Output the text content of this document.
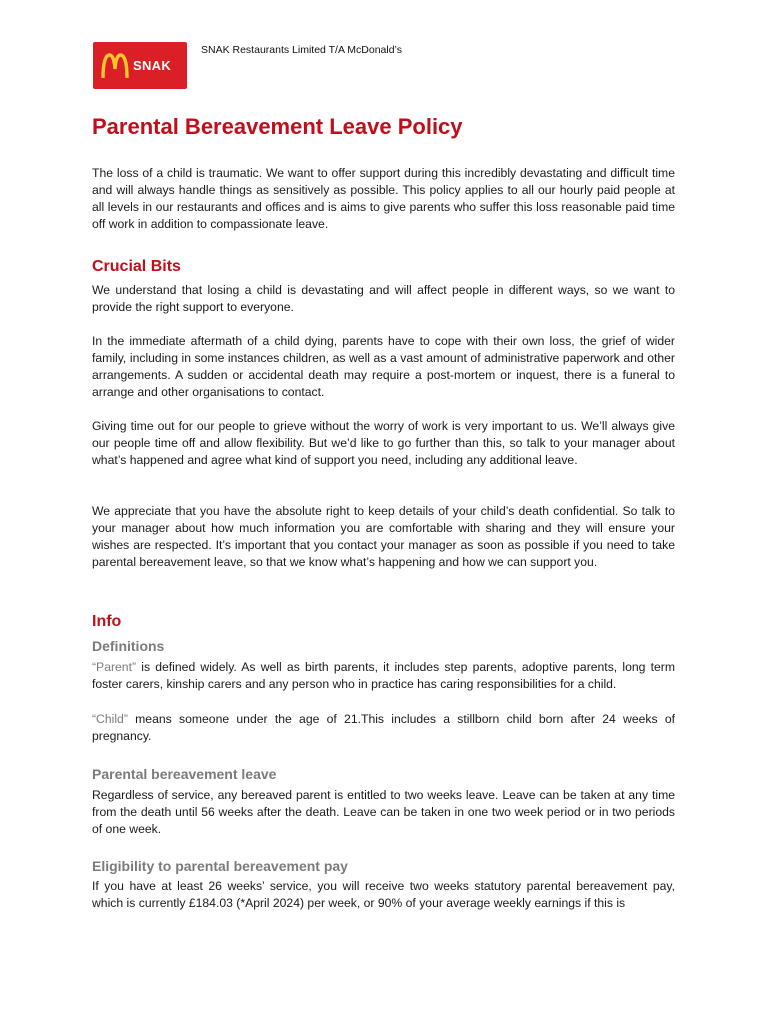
SNAK
SNAK Restaurants Limited T/A McDonald’s
Parental Bereavement Leave Policy

The loss of a child is traumatic. We want to offer support during this incredibly devastating and difficult time and will always handle things as sensitively as possible. This policy applies to all our hourly paid people at all levels in our restaurants and offices and is aims to give parents who suffer this loss reasonable paid time off work in addition to compassionate leave.

Crucial Bits

We understand that losing a child is devastating and will affect people in different ways, so we want to provide the right support to everyone.

In the immediate aftermath of a child dying, parents have to cope with their own loss, the grief of wider family, including in some instances children, as well as a vast amount of administrative paperwork and other arrangements. A sudden or accidental death may require a post-mortem or inquest, there is a funeral to arrange and other organisations to contact.

Giving time out for our people to grieve without the worry of work is very important to us. We’ll always give our people time off and allow flexibility. But we’d like to go further than this, so talk to your manager about what’s happened and agree what kind of support you need, including any additional leave.

We appreciate that you have the absolute right to keep details of your child’s death confidential. So talk to your manager about how much information you are comfortable with sharing and they will ensure your wishes are respected. It’s important that you contact your manager as soon as possible if you need to take parental bereavement leave, so that we know what’s happening and how we can support you.

Info
Definitions

“Parent” is defined widely. As well as birth parents, it includes step parents, adoptive parents, long term foster carers, kinship carers and any person who in practice has caring responsibilities for a child.

“Child” means someone under the age of 21.This includes a stillborn child born after 24 weeks of pregnancy.

Parental bereavement leave

Regardless of service, any bereaved parent is entitled to two weeks leave. Leave can be taken at any time from the death until 56 weeks after the death. Leave can be taken in one two week period or in two periods of one week.

Eligibility to parental bereavement pay

If you have at least 26 weeks’ service, you will receive two weeks statutory parental bereavement pay, which is currently £184.03 (*April 2024) per week, or 90% of your average weekly earnings if this is
